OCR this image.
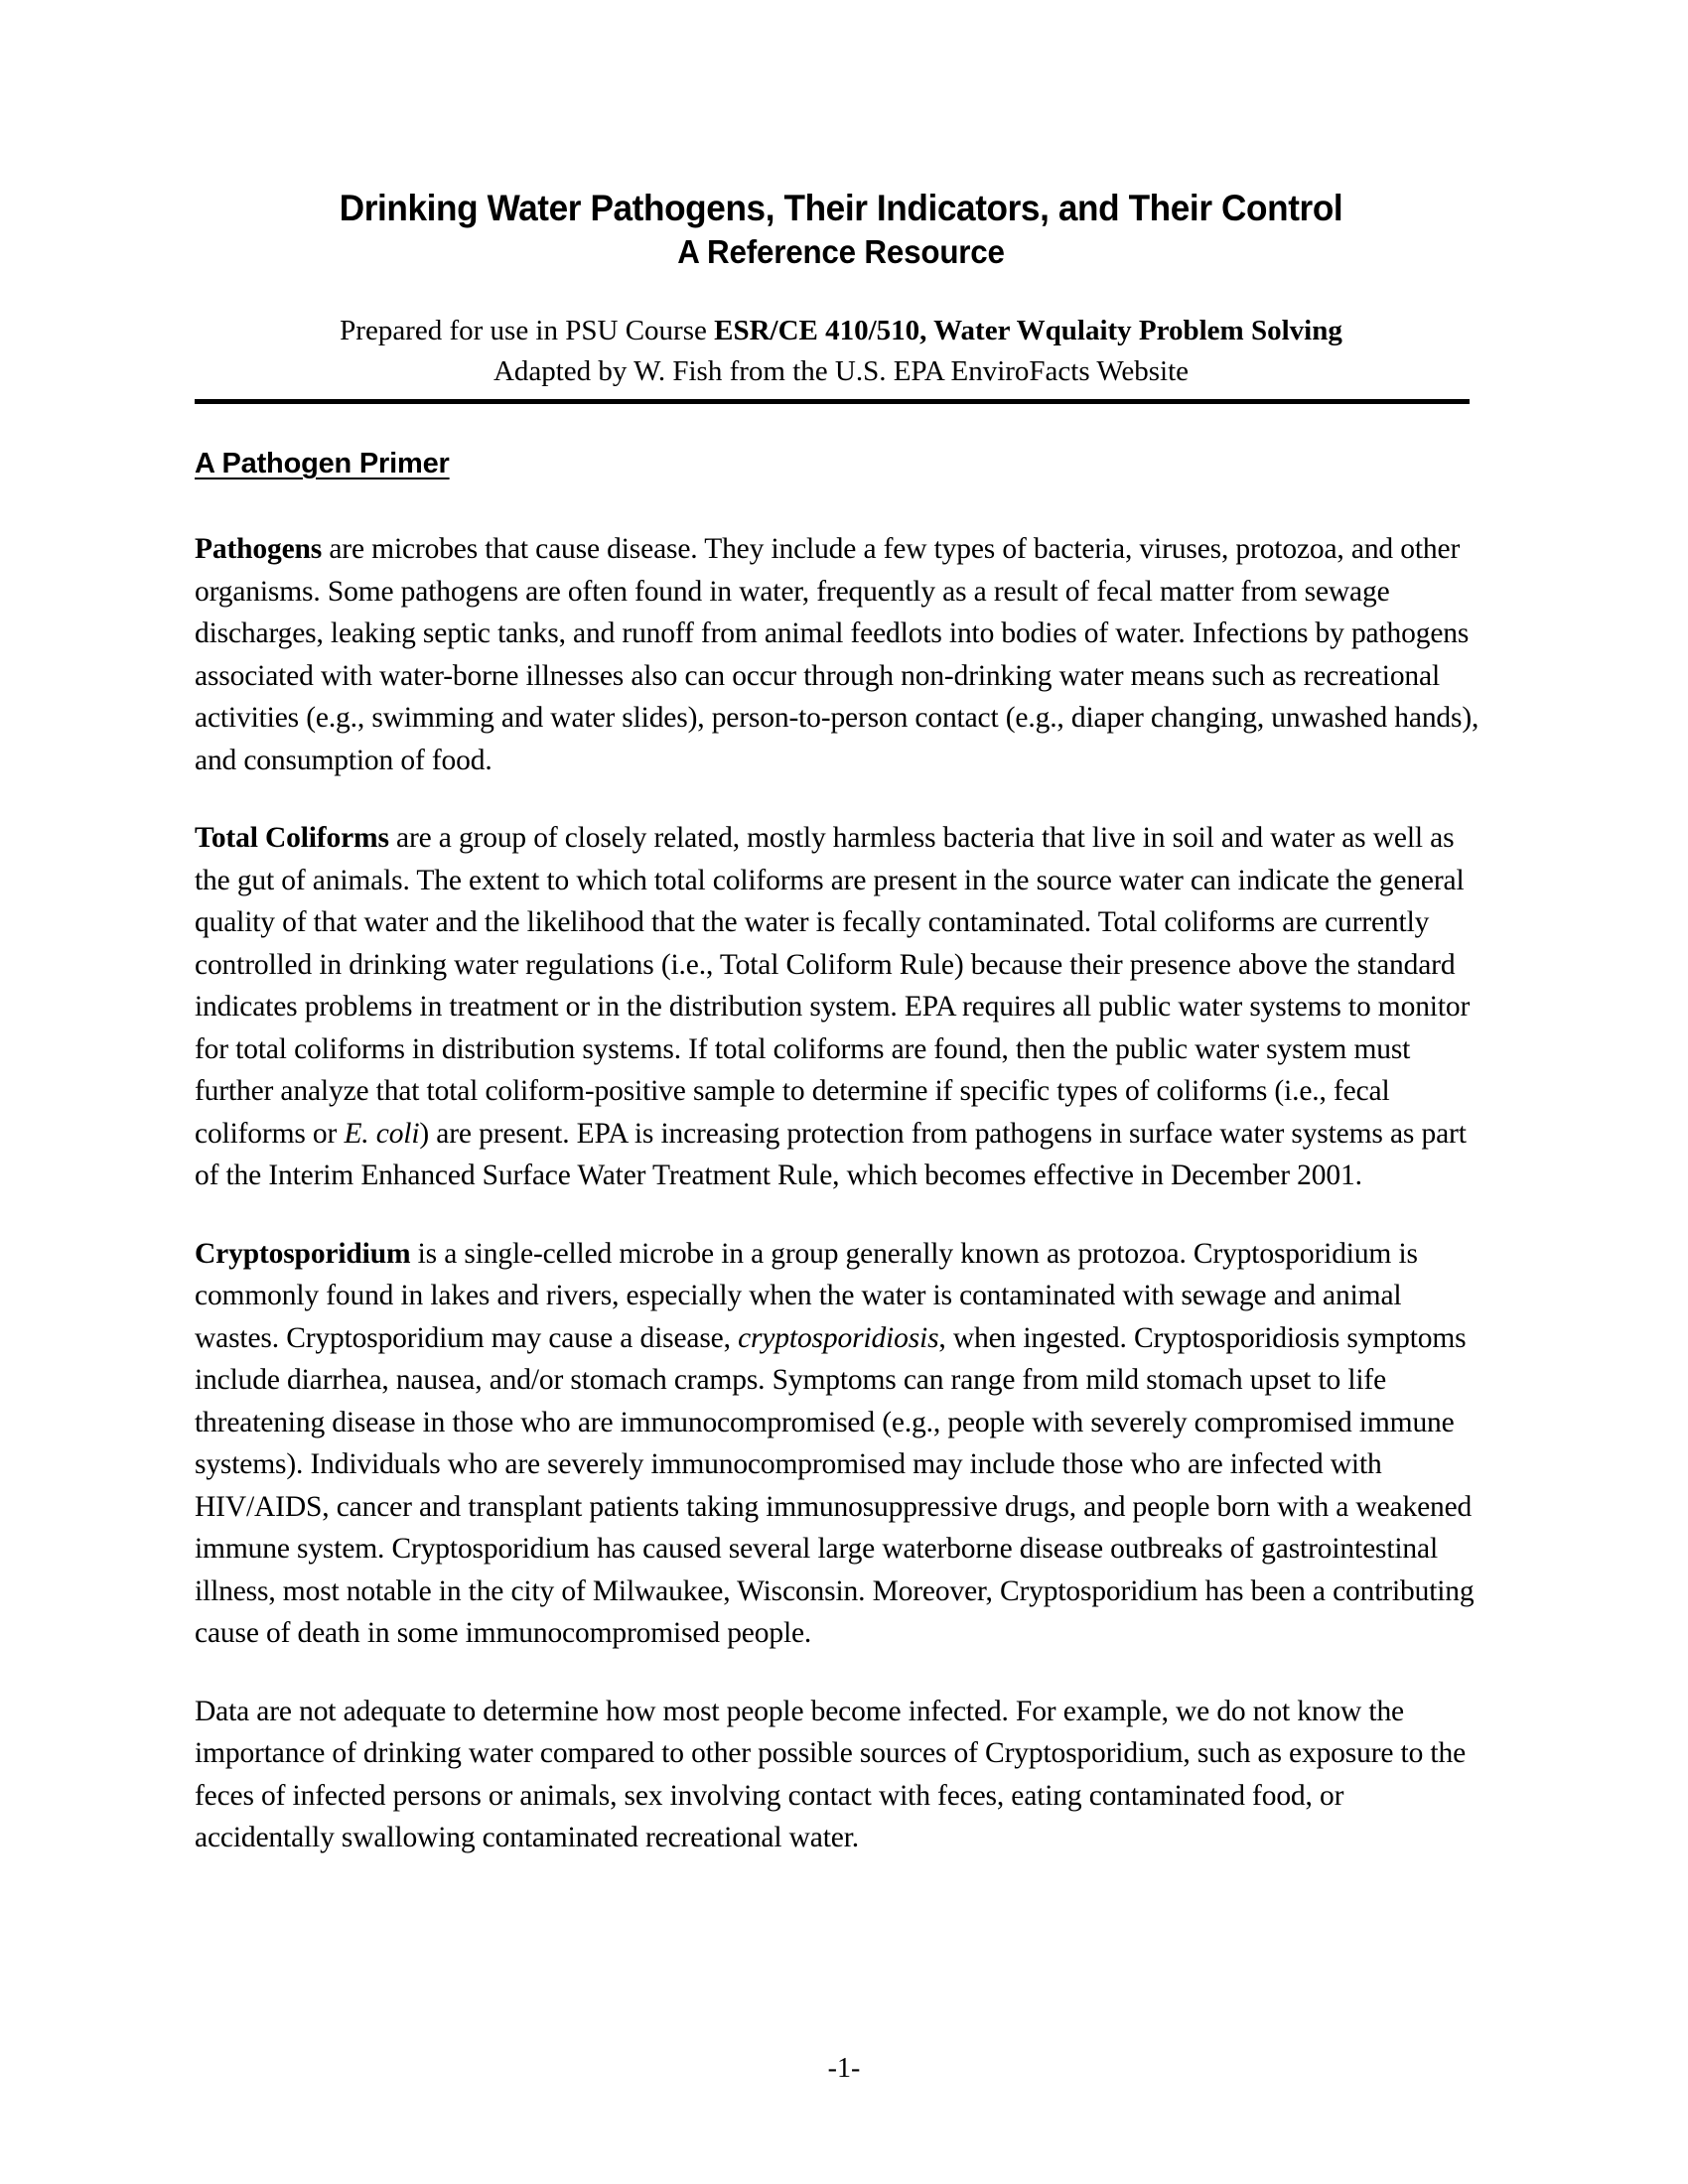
Drinking Water Pathogens, Their Indicators, and Their Control
A Reference Resource
Prepared for use in PSU Course ESR/CE 410/510, Water Wqulaity Problem Solving
Adapted by W. Fish from the U.S. EPA EnviroFacts Website
A Pathogen Primer

Pathogens are microbes that cause disease. They include a few types of bacteria, viruses, protozoa, and other organisms. Some pathogens are often found in water, frequently as a result of fecal matter from sewage discharges, leaking septic tanks, and runoff from animal feedlots into bodies of water. Infections by pathogens associated with water-borne illnesses also can occur through non-drinking water means such as recreational activities (e.g., swimming and water slides), person-to-person contact (e.g., diaper changing, unwashed hands), and consumption of food.

Total Coliforms are a group of closely related, mostly harmless bacteria that live in soil and water as well as the gut of animals. The extent to which total coliforms are present in the source water can indicate the general quality of that water and the likelihood that the water is fecally contaminated. Total coliforms are currently controlled in drinking water regulations (i.e., Total Coliform Rule) because their presence above the standard indicates problems in treatment or in the distribution system. EPA requires all public water systems to monitor for total coliforms in distribution systems. If total coliforms are found, then the public water system must further analyze that total coliform-positive sample to determine if specific types of coliforms (i.e., fecal coliforms or E. coli) are present. EPA is increasing protection from pathogens in surface water systems as part of the Interim Enhanced Surface Water Treatment Rule, which becomes effective in December 2001.

Cryptosporidium is a single-celled microbe in a group generally known as protozoa. Cryptosporidium is commonly found in lakes and rivers, especially when the water is contaminated with sewage and animal wastes. Cryptosporidium may cause a disease, cryptosporidiosis, when ingested. Cryptosporidiosis symptoms include diarrhea, nausea, and/or stomach cramps. Symptoms can range from mild stomach upset to life threatening disease in those who are immunocompromised (e.g., people with severely compromised immune systems). Individuals who are severely immunocompromised may include those who are infected with HIV/AIDS, cancer and transplant patients taking immunosuppressive drugs, and people born with a weakened immune system. Cryptosporidium has caused several large waterborne disease outbreaks of gastrointestinal illness, most notable in the city of Milwaukee, Wisconsin. Moreover, Cryptosporidium has been a contributing cause of death in some immunocompromised people.

Data are not adequate to determine how most people become infected. For example, we do not know the importance of drinking water compared to other possible sources of Cryptosporidium, such as exposure to the feces of infected persons or animals, sex involving contact with feces, eating contaminated food, or accidentally swallowing contaminated recreational water.

-1-
